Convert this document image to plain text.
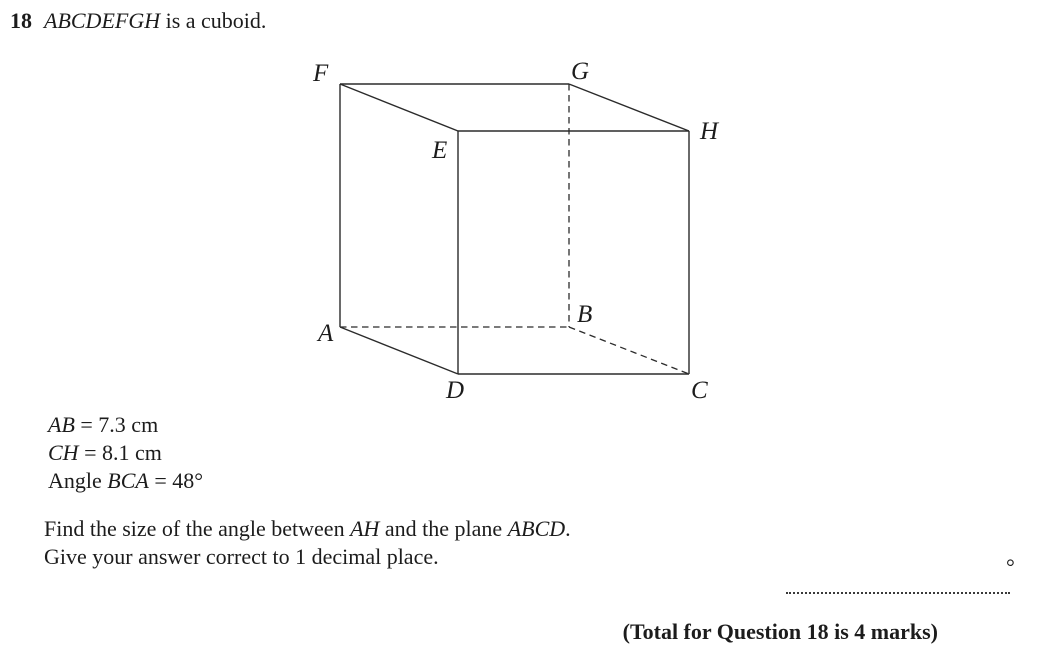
18 ABCDEFGH is a cuboid.
F	G
E
H
A
B
D	C

AB = 7.3 cm

CH = 8.1 cm

Angle BCA = 48°

Find the size of the angle between AH and the plane ABCD.

Give your answer correct to 1 decimal place.	°
(Total for Question 18 is 4 marks)
